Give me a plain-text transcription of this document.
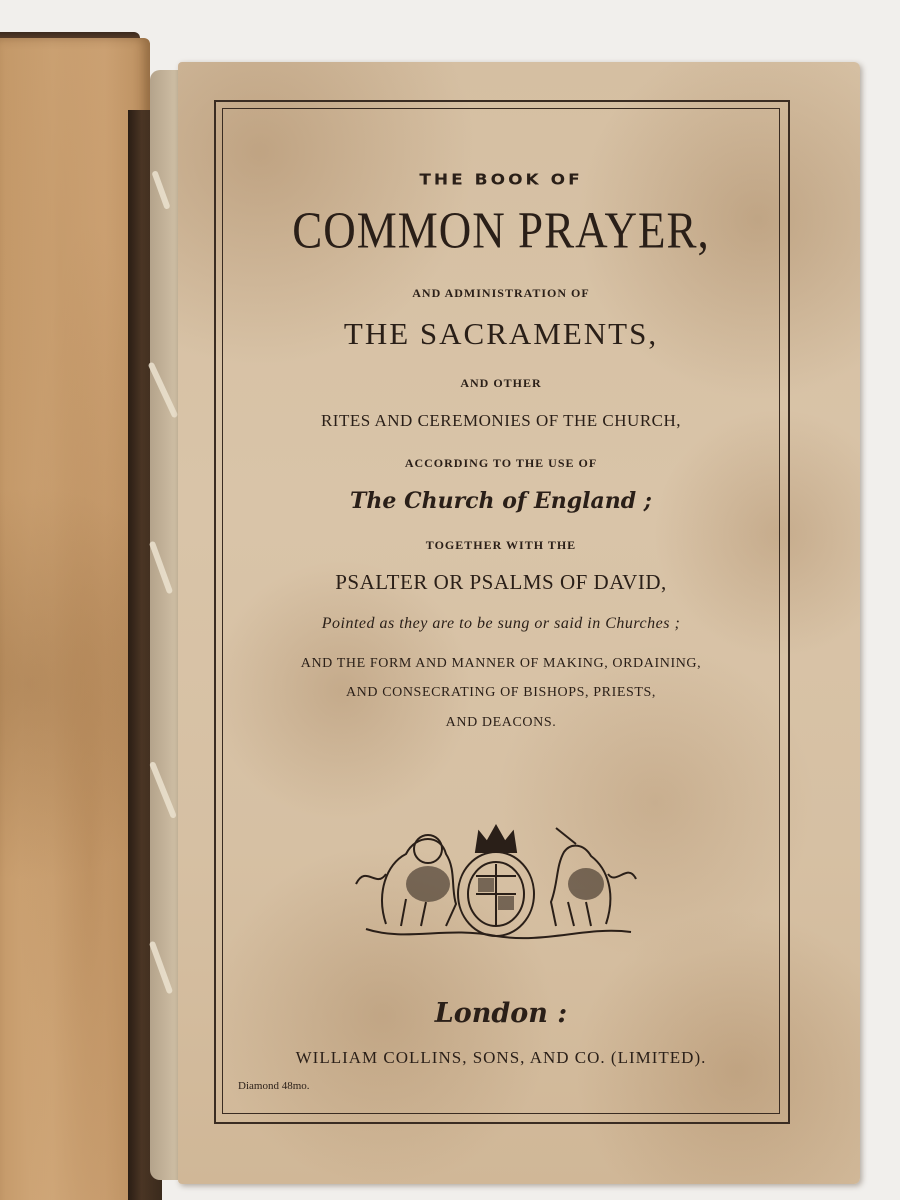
THE BOOK OF
COMMON PRAYER,
AND ADMINISTRATION OF
THE SACRAMENTS,
AND OTHER
RITES AND CEREMONIES OF THE CHURCH,
ACCORDING TO THE USE OF
The Church of England ;
TOGETHER WITH THE
PSALTER OR PSALMS OF DAVID,
Pointed as they are to be sung or said in Churches ;
AND THE FORM AND MANNER OF MAKING, ORDAINING,
AND CONSECRATING OF BISHOPS, PRIESTS,
AND DEACONS.
London :
WILLIAM COLLINS, SONS, AND CO. (LIMITED).
Diamond 48mo.
